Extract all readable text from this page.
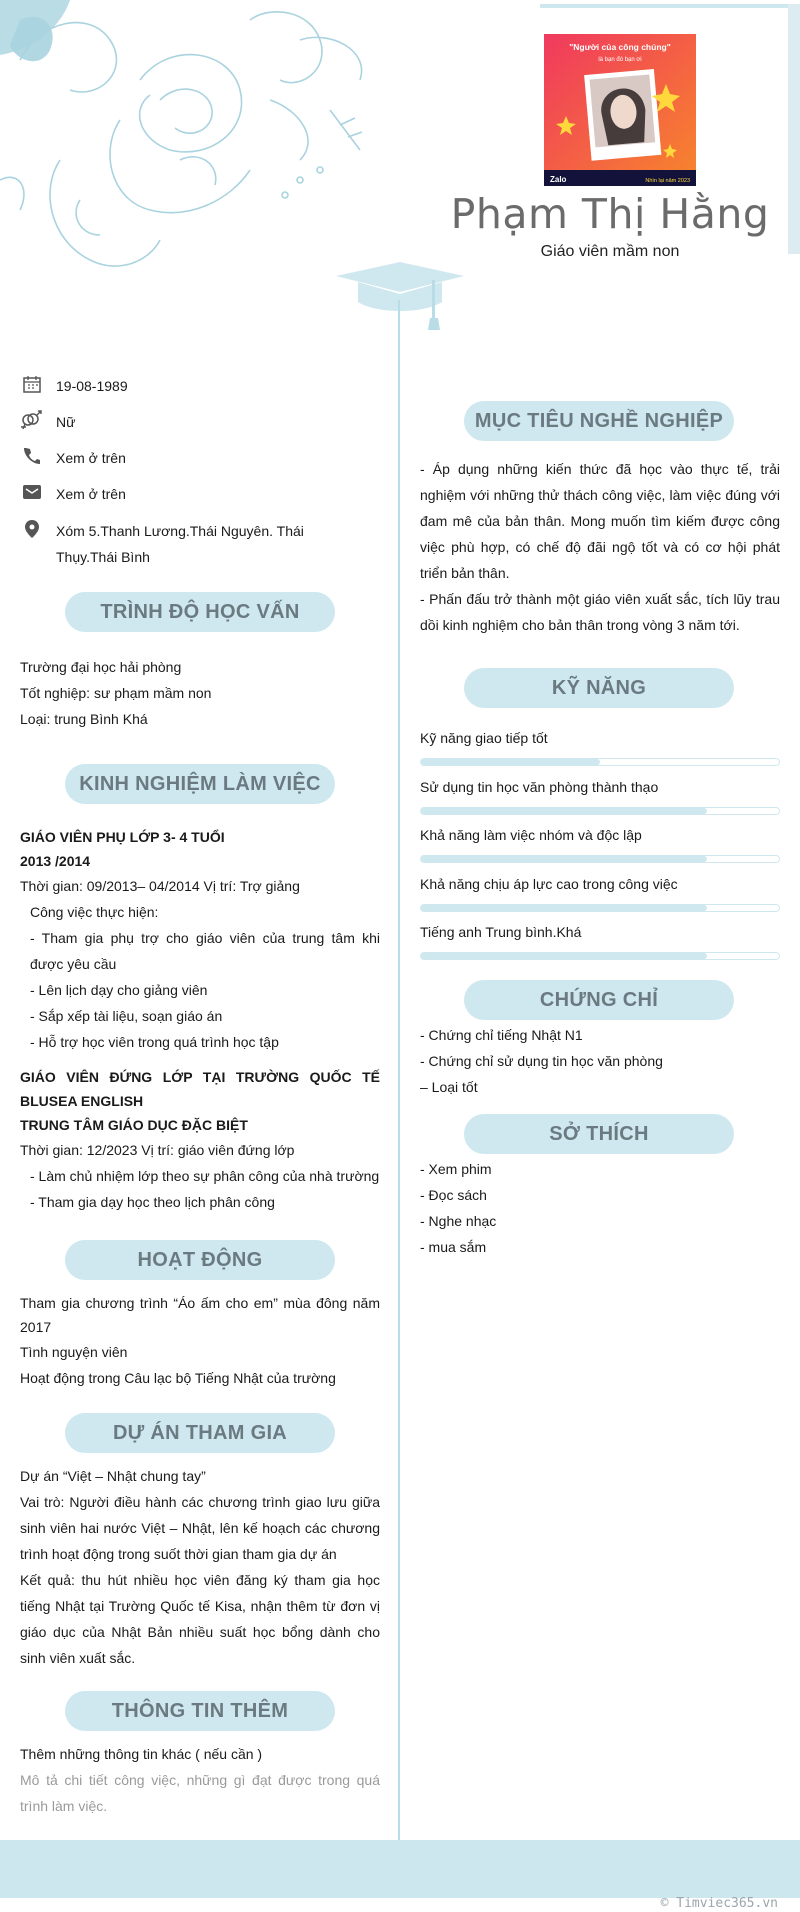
"Người của công chúng"
là bạn đó bạn ơi
Zalo	Nhìn lại năm 2023
Phạm Thị Hằng
Giáo viên mầm non
19-08-1989
Nữ
Xem ở trên
Xem ở trên
Xóm 5.Thanh Lương.Thái Nguyên. Thái Thụy.Thái Bình
TRÌNH ĐỘ HỌC VẤN
Trường đại học hải phòng
Tốt nghiệp: sư phạm mầm non
Loại: trung Bình Khá
KINH NGHIỆM LÀM VIỆC
GIÁO VIÊN PHỤ LỚP 3- 4 TUỔI
2013 /2014
Thời gian: 09/2013– 04/2014 Vị trí: Trợ giảng
Công việc thực hiện:
- Tham gia phụ trợ cho giáo viên của trung tâm khi được yêu cầu
- Lên lịch dạy cho giảng viên
- Sắp xếp tài liệu, soạn giáo án
- Hỗ trợ học viên trong quá trình học tập
GIÁO VIÊN ĐỨNG LỚP TẠI TRƯỜNG QUỐC TẾ BLUSEA ENGLISH
TRUNG TÂM GIÁO DỤC ĐẶC BIỆT
Thời gian: 12/2023 Vị trí: giáo viên đứng lớp
- Làm chủ nhiệm lớp theo sự phân công của nhà trường
- Tham gia dạy học theo lịch phân công
HOẠT ĐỘNG
Tham gia chương trình “Áo ấm cho em” mùa đông năm 2017
Tình nguyện viên
Hoạt động trong Câu lạc bộ Tiếng Nhật của trường
DỰ ÁN THAM GIA
Dự án “Việt – Nhật chung tay”
Vai trò: Người điều hành các chương trình giao lưu giữa sinh viên hai nước Việt – Nhật, lên kế hoạch các chương trình hoạt động trong suốt thời gian tham gia dự án
Kết quả: thu hút nhiều học viên đăng ký tham gia học tiếng Nhật tại Trường Quốc tế Kisa, nhận thêm từ đơn vị giáo dục của Nhật Bản nhiều suất học bổng dành cho sinh viên xuất sắc.
THÔNG TIN THÊM
Thêm những thông tin khác ( nếu cần )
Mô tả chi tiết công việc, những gì đạt được trong quá trình làm việc.
MỤC TIÊU NGHỀ NGHIỆP
- Áp dụng những kiến thức đã học vào thực tế, trải nghiệm với những thử thách công việc, làm việc đúng với đam mê của bản thân. Mong muốn tìm kiếm được công việc phù hợp, có chế độ đãi ngộ tốt và có cơ hội phát triển bản thân.
- Phấn đấu trở thành một giáo viên xuất sắc, tích lũy trau dồi kinh nghiệm cho bản thân trong vòng 3 năm tới.
KỸ NĂNG
Kỹ năng giao tiếp tốt
Sử dụng tin học văn phòng thành thạo
Khả năng làm việc nhóm và độc lập
Khả năng chịu áp lực cao trong công việc
Tiếng anh Trung bình.Khá
CHỨNG CHỈ
- Chứng chỉ tiếng Nhật N1
- Chứng chỉ sử dụng tin học văn phòng
– Loại tốt
SỞ THÍCH
- Xem phim
- Đọc sách
- Nghe nhạc
- mua sắm
© Timviec365.vn
